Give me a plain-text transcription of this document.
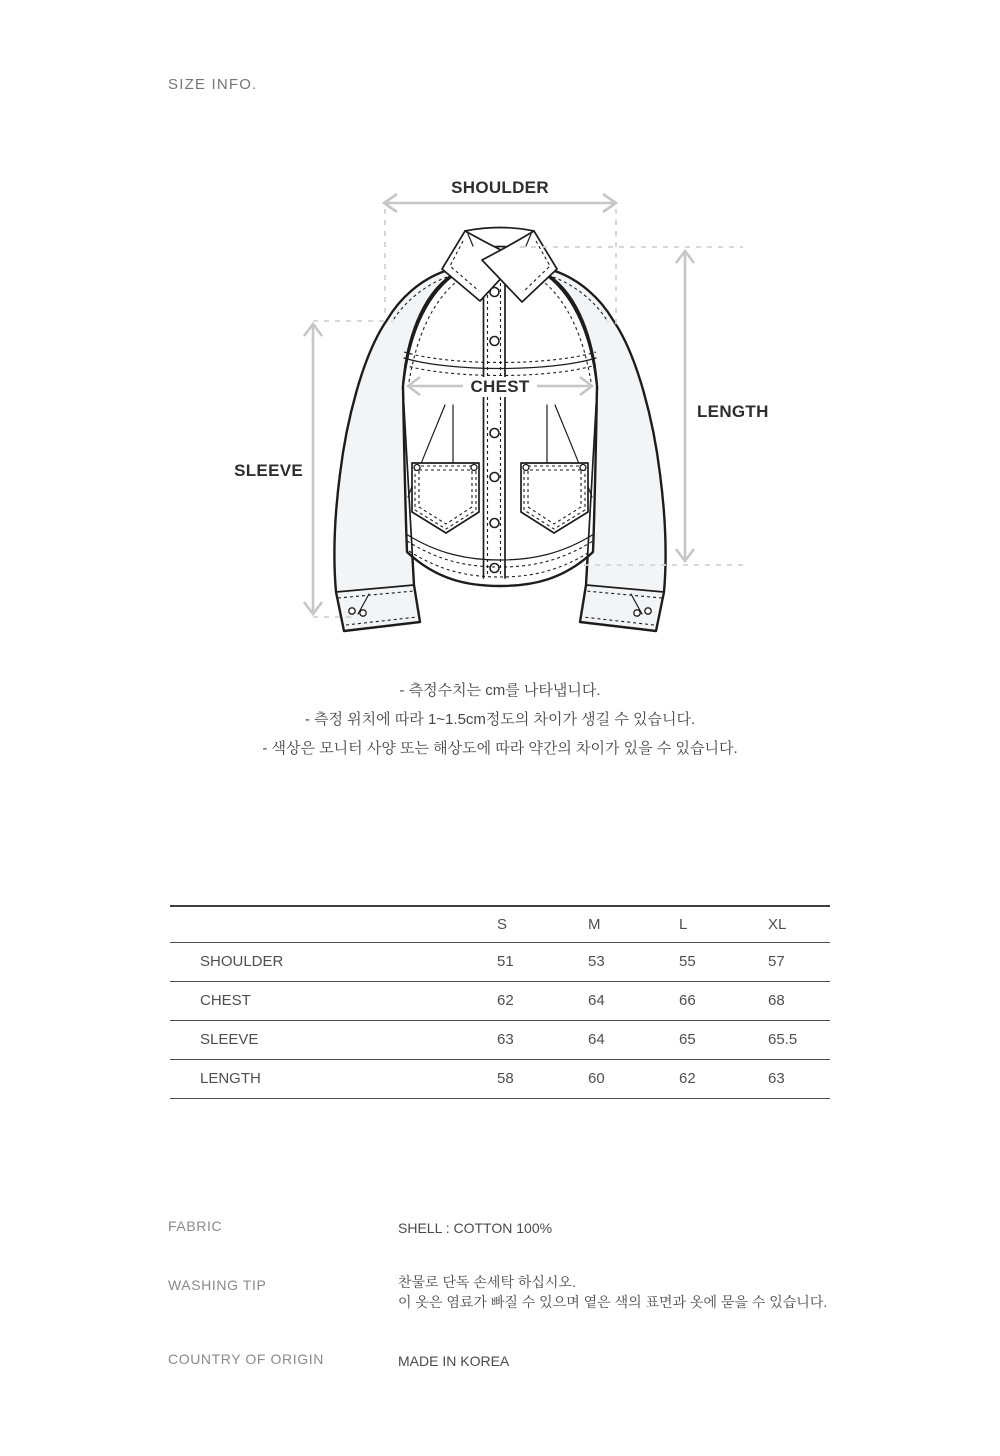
SIZE INFO.
SHOULDER
CHEST
SLEEVE
LENGTH
- 측정수치는 cm를 나타냅니다.
- 측정 위치에 따라 1~1.5cm정도의 차이가 생길 수 있습니다.
- 색상은 모니터 사양 또는 해상도에 따라 약간의 차이가 있을 수 있습니다.
	S	M	L	XL
SHOULDER	51	53	55	57
CHEST	62	64	66	68
SLEEVE	63	64	65	65.5
LENGTH	58	60	62	63
FABRIC	SHELL : COTTON 100%
WASHING TIP	찬물로 단독 손세탁 하십시오.
이 옷은 염료가 빠질 수 있으며 옅은 색의 표면과 옷에 묻을 수 있습니다.
COUNTRY OF ORIGIN	MADE IN KOREA
